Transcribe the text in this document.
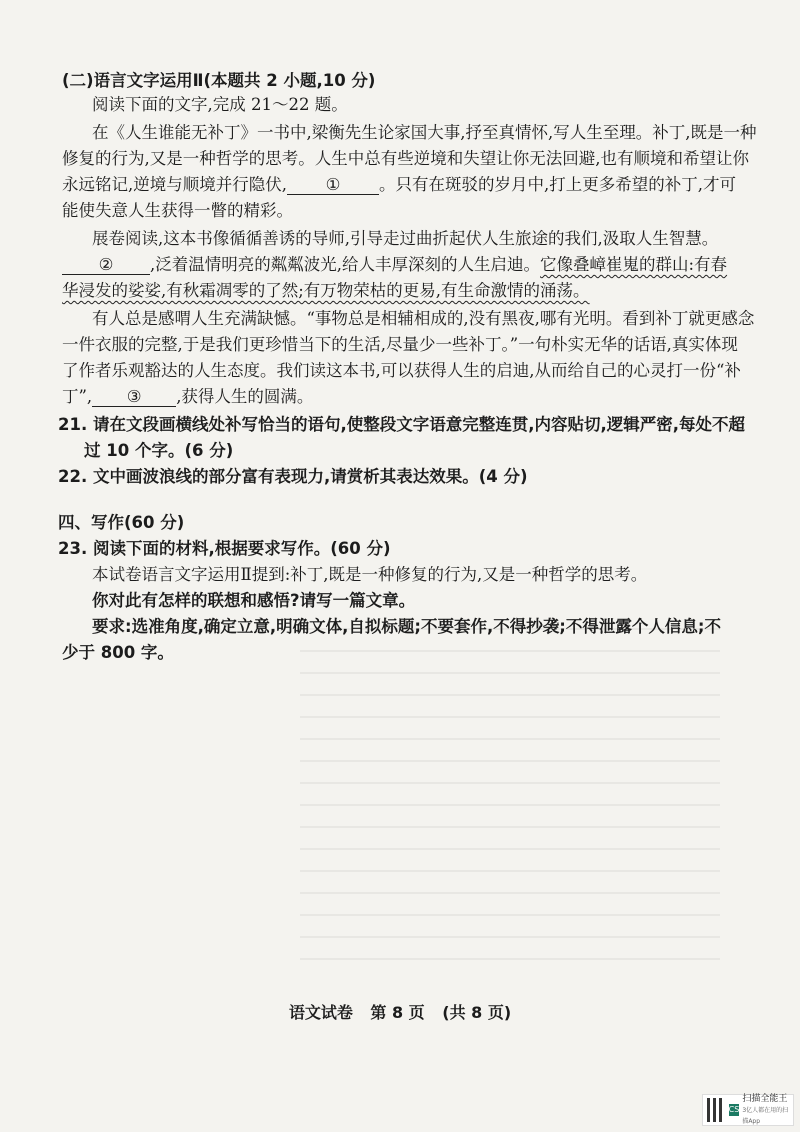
(二)语言文字运用Ⅱ(本题共 2 小题,10 分)
阅读下面的文字,完成 21～22 题。
在《人生谁能无补丁》一书中,梁衡先生论家国大事,抒至真情怀,写人生至理。补丁,既是一种
修复的行为,又是一种哲学的思考。人生中总有些逆境和失望让你无法回避,也有顺境和希望让你
永远铭记,逆境与顺境并行隐伏, ① 。只有在斑驳的岁月中,打上更多希望的补丁,才可
能使失意人生获得一瞥的精彩。
展卷阅读,这本书像循循善诱的导师,引导走过曲折起伏人生旅途的我们,汲取人生智慧。
② ,泛着温情明亮的粼粼波光,给人丰厚深刻的人生启迪。它像叠嶂崔嵬的群山:有春
华浸发的娑娑,有秋霜凋零的了然;有万物荣枯的更易,有生命激情的涌荡。
有人总是感喟人生充满缺憾。“事物总是相辅相成的,没有黑夜,哪有光明。看到补丁就更感念
一件衣服的完整,于是我们更珍惜当下的生活,尽量少一些补丁。”一句朴实无华的话语,真实体现
了作者乐观豁达的人生态度。我们读这本书,可以获得人生的启迪,从而给自己的心灵打一份“补
丁”, ③ ,获得人生的圆满。
21. 请在文段画横线处补写恰当的语句,使整段文字语意完整连贯,内容贴切,逻辑严密,每处不超
过 10 个字。(6 分)
22. 文中画波浪线的部分富有表现力,请赏析其表达效果。(4 分)
四、写作(60 分)
23. 阅读下面的材料,根据要求写作。(60 分)
本试卷语言文字运用Ⅱ提到:补丁,既是一种修复的行为,又是一种哲学的思考。
你对此有怎样的联想和感悟?请写一篇文章。
要求:选准角度,确定立意,明确文体,自拟标题;不要套作,不得抄袭;不得泄露个人信息;不
少于 800 字。
语文试卷 第 8 页 (共 8 页)
CS
扫描全能王
3亿人都在用的扫描App
